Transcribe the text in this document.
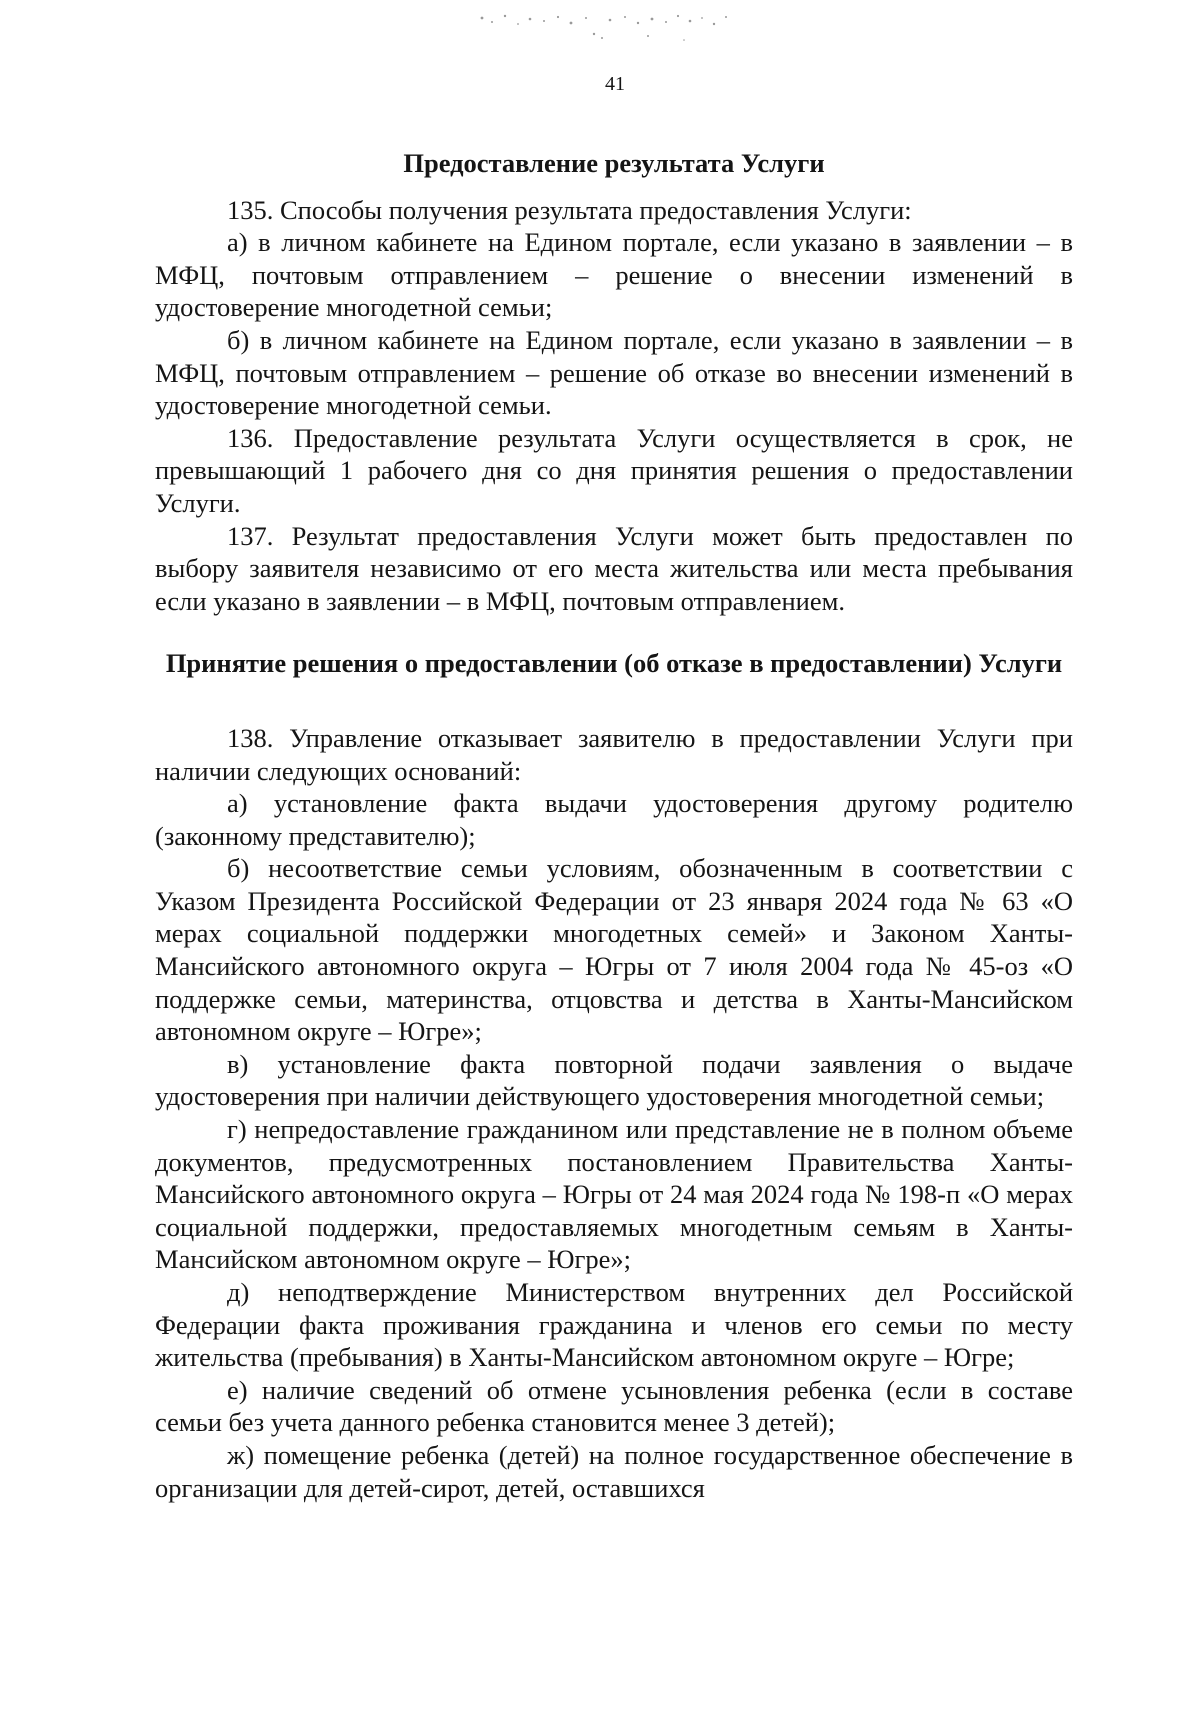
41

Предоставление результата Услуги

135. Способы получения результата предоставления Услуги:

а) в личном кабинете на Едином портале, если указано в заявлении – в МФЦ, почтовым отправлением – решение о внесении изменений в удостоверение многодетной семьи;

б) в личном кабинете на Едином портале, если указано в заявлении – в МФЦ, почтовым отправлением – решение об отказе во внесении изменений в удостоверение многодетной семьи.

136. Предоставление результата Услуги осуществляется в срок, не превышающий 1 рабочего дня со дня принятия решения о предоставлении Услуги.

137. Результат предоставления Услуги может быть предоставлен по выбору заявителя независимо от его места жительства или места пребывания если указано в заявлении – в МФЦ, почтовым отправлением.

Принятие решения о предоставлении (об отказе в предоставлении) Услуги

138. Управление отказывает заявителю в предоставлении Услуги при наличии следующих оснований:

а) установление факта выдачи удостоверения другому родителю (законному представителю);

б) несоответствие семьи условиям, обозначенным в соответствии с Указом Президента Российской Федерации от 23 января 2024 года № 63 «О мерах социальной поддержки многодетных семей» и Законом Ханты-Мансийского автономного округа – Югры от 7 июля 2004 года № 45-оз «О поддержке семьи, материнства, отцовства и детства в Ханты-Мансийском автономном округе – Югре»;

в) установление факта повторной подачи заявления о выдаче удостоверения при наличии действующего удостоверения многодетной семьи;

г) непредоставление гражданином или представление не в полном объеме документов, предусмотренных постановлением Правительства Ханты-Мансийского автономного округа – Югры от 24 мая 2024 года № 198-п «О мерах социальной поддержки, предоставляемых многодетным семьям в Ханты-Мансийском автономном округе – Югре»;

д) неподтверждение Министерством внутренних дел Российской Федерации факта проживания гражданина и членов его семьи по месту жительства (пребывания) в Ханты-Мансийском автономном округе – Югре;

е) наличие сведений об отмене усыновления ребенка (если в составе семьи без учета данного ребенка становится менее 3 детей);

ж) помещение ребенка (детей) на полное государственное обеспечение в организации для детей-сирот, детей, оставшихся
